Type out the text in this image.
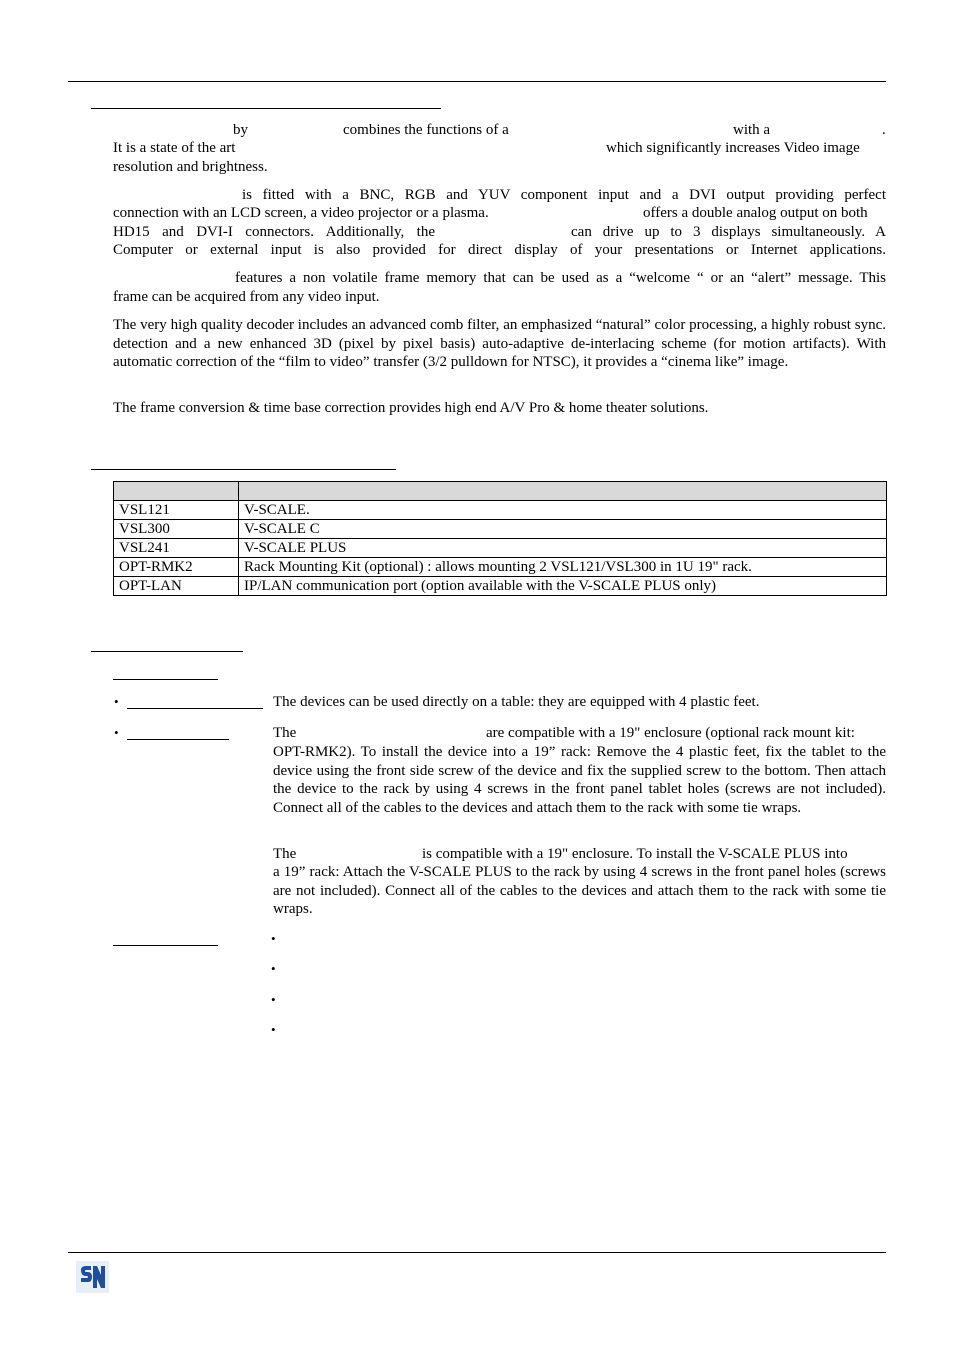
by	combines the functions of a	with a	.
It is a state of the art	which significantly increases Video image
resolution and brightness.
is fitted with a BNC, RGB and YUV component input and a DVI output providing perfect
connection with an LCD screen, a video projector or a plasma.	offers a double analog output on both
HD15 and DVI-I connectors. Additionally, the	can drive up to 3 displays simultaneously. A
Computer or external input is also provided for direct display of your presentations or Internet applications.
features a non volatile frame memory that can be used as a “welcome “ or an “alert” message. This
frame can be acquired from any video input.
The very high quality decoder includes an advanced comb filter, an emphasized “natural” color processing, a highly robust sync. detection and a new enhanced 3D (pixel by pixel basis) auto-adaptive de-interlacing scheme (for motion artifacts). With automatic correction of the “film to video” transfer (3/2 pulldown for NTSC), it provides a “cinema like” image.
The frame conversion & time base correction provides high end A/V Pro & home theater solutions.

VSL121	V-SCALE.
VSL300	V-SCALE C
VSL241	V-SCALE PLUS
OPT-RMK2	Rack Mounting Kit (optional) : allows mounting 2 VSL121/VSL300 in 1U 19" rack.
OPT-LAN	IP/LAN communication port (option available with the V-SCALE PLUS only)
•	The devices can be used directly on a table: they are equipped with 4 plastic feet.
•	The	are compatible with a 19" enclosure (optional rack mount kit:
OPT-RMK2). To install the device into a 19” rack: Remove the 4 plastic feet, fix the tablet to the device using the front side screw of the device and fix the supplied screw to the bottom. Then attach the device to the rack by using 4 screws in the front panel tablet holes (screws are not included). Connect all of the cables to the devices and attach them to the rack with some tie wraps.
The	is compatible with a 19" enclosure. To install the V-SCALE PLUS into
a 19” rack: Attach the V-SCALE PLUS to the rack by using 4 screws in the front panel holes (screws are not included). Connect all of the cables to the devices and attach them to the rack with some tie wraps.
•
•
•
•
